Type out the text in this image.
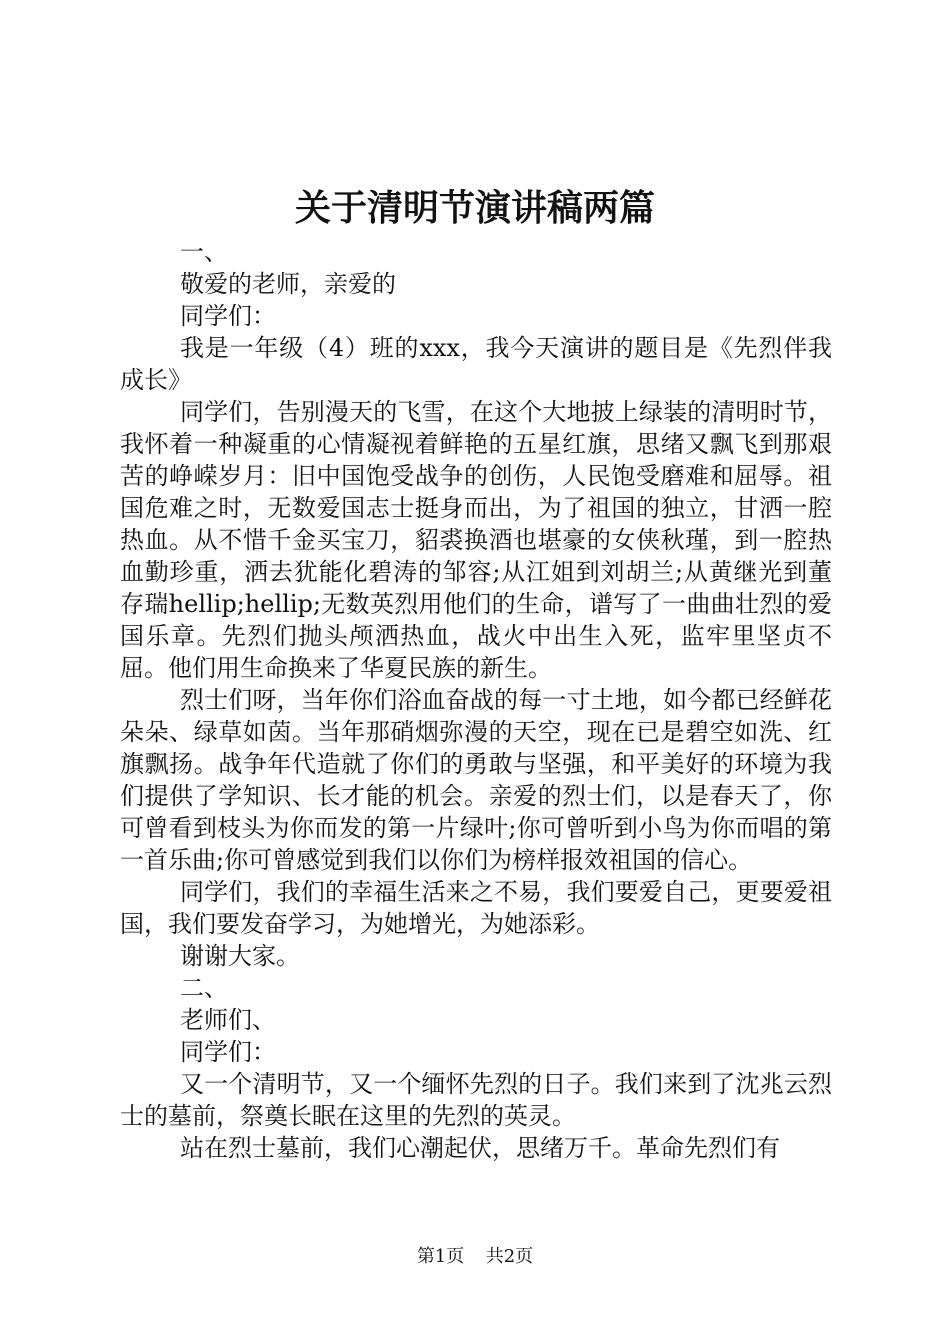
关于清明节演讲稿两篇

一、

敬爱的老师，亲爱的

同学们：

我是一年级（4）班的xxx，我今天演讲的题目是《先烈伴我成长》

同学们，告别漫天的飞雪，在这个大地披上绿装的清明时节，我怀着一种凝重的心情凝视着鲜艳的五星红旗，思绪又飘飞到那艰苦的峥嵘岁月：旧中国饱受战争的创伤，人民饱受磨难和屈辱。祖国危难之时，无数爱国志士挺身而出，为了祖国的独立，甘洒一腔热血。从不惜千金买宝刀，貂裘换酒也堪豪的女侠秋瑾，到一腔热血勤珍重，洒去犹能化碧涛的邹容;从江姐到刘胡兰;从黄继光到董存瑞hellip;hellip;无数英烈用他们的生命，谱写了一曲曲壮烈的爱国乐章。先烈们抛头颅洒热血，战火中出生入死，监牢里坚贞不屈。他们用生命换来了华夏民族的新生。

烈士们呀，当年你们浴血奋战的每一寸土地，如今都已经鲜花朵朵、绿草如茵。当年那硝烟弥漫的天空，现在已是碧空如洗、红旗飘扬。战争年代造就了你们的勇敢与坚强，和平美好的环境为我们提供了学知识、长才能的机会。亲爱的烈士们，以是春天了，你可曾看到枝头为你而发的第一片绿叶;你可曾听到小鸟为你而唱的第一首乐曲;你可曾感觉到我们以你们为榜样报效祖国的信心。

同学们，我们的幸福生活来之不易，我们要爱自己，更要爱祖国，我们要发奋学习，为她增光，为她添彩。

谢谢大家。

二、

老师们、

同学们：

又一个清明节，又一个缅怀先烈的日子。我们来到了沈兆云烈士的墓前，祭奠长眠在这里的先烈的英灵。

站在烈士墓前，我们心潮起伏，思绪万千。革命先烈们有

第1页 共2页
